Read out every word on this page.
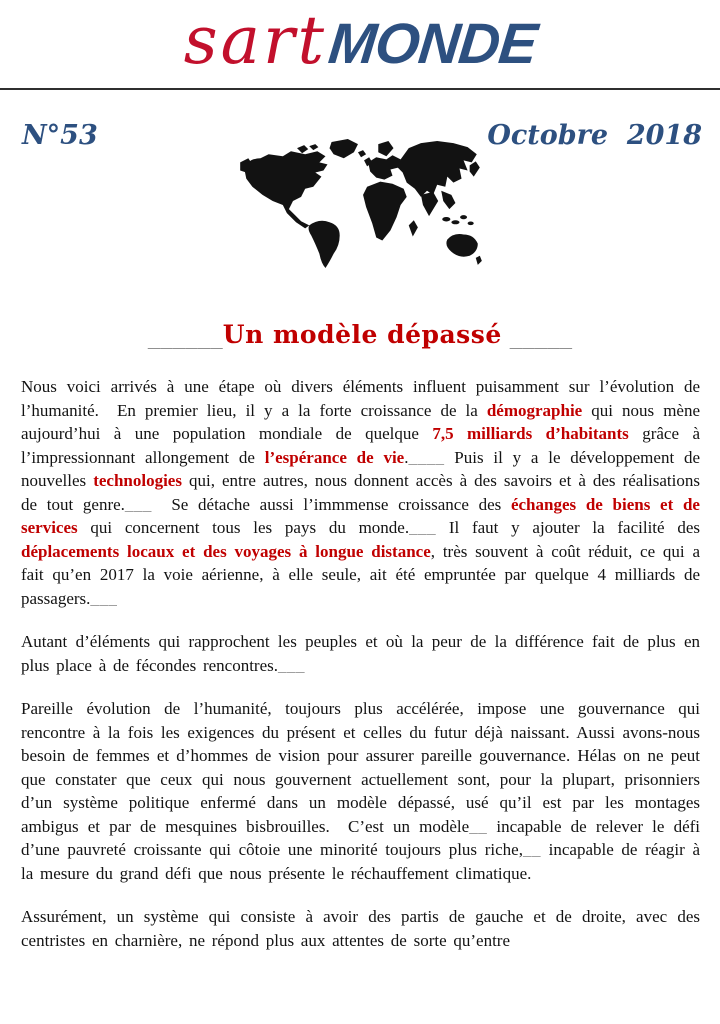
sartMONDE
N°53	Octobre  2018
______Un modèle dépassé _____

Nous voici arrivés à une étape où divers éléments influent puisamment sur l’évolution de l’humanité.  En premier lieu, il y a la forte croissance de la démographie qui nous mène aujourd’hui à une population mondiale de quelque 7,5 milliards d’habitants grâce à l’impressionnant allongement de l’espérance de vie.____ Puis il y a le développement de nouvelles technologies qui, entre autres, nous donnent accès à des savoirs et à des réalisations de tout genre.___  Se détache aussi l’immmense croissance des échanges de biens et de services qui concernent tous les pays du monde.___ Il faut y ajouter la facilité des déplacements locaux et des voyages à longue distance, très souvent à coût réduit, ce qui a fait qu’en 2017 la voie aérienne, à elle seule, ait été empruntée par quelque 4 milliards de passagers.___

Autant d’éléments qui rapprochent les peuples et où la peur de la différence fait de plus en plus place à de fécondes rencontres.___

Pareille évolution de l’humanité, toujours plus accélérée, impose une gouvernance qui rencontre à la fois les exigences du présent et celles du futur déjà naissant. Aussi avons-nous besoin de femmes et d’hommes de vision pour assurer pareille gouvernance. Hélas on ne peut que constater que ceux qui nous gouvernent actuellement sont, pour la plupart, prisonniers d’un système politique enfermé dans un modèle dépassé, usé qu’il est par les montages ambigus et par de mesquines bisbrouilles.  C’est un modèle__ incapable de relever le défi d’une pauvreté croissante qui côtoie une minorité toujours plus riche,__ incapable de réagir à la mesure du grand défi que nous présente le réchauffement climatique.

Assurément, un système qui consiste à avoir des partis de gauche et de droite, avec des centristes en charnière, ne répond plus aux attentes de sorte qu’entre
